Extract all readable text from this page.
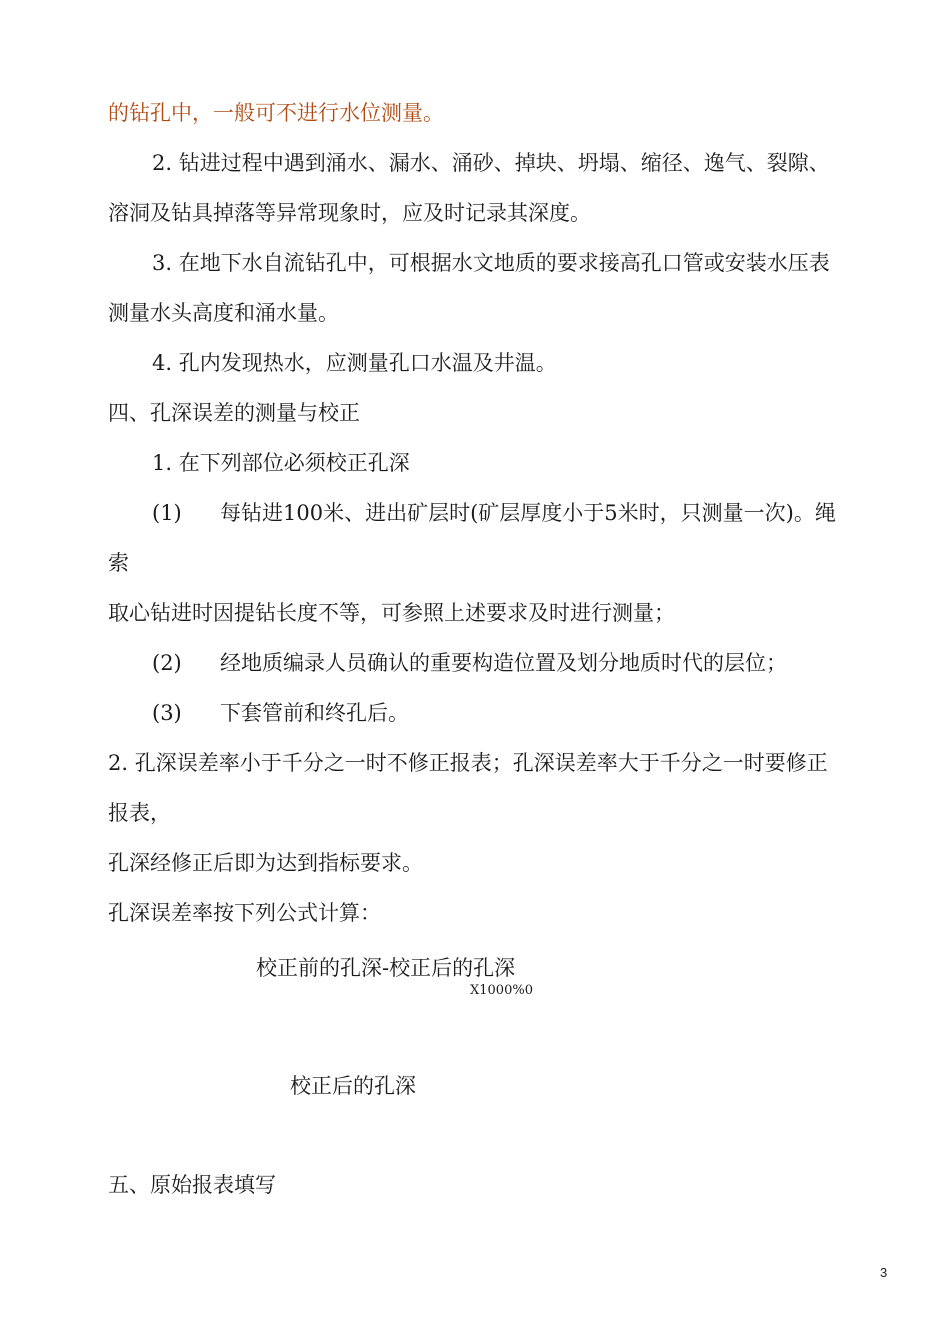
的钻孔中，一般可不进行水位测量。
2. 钻进过程中遇到涌水、漏水、涌砂、掉块、坍塌、缩径、逸气、裂隙、
溶洞及钻具掉落等异常现象时，应及时记录其深度。
3. 在地下水自流钻孔中，可根据水文地质的要求接高孔口管或安装水压表
测量水头高度和涌水量。
4. 孔内发现热水，应测量孔口水温及井温。
四、孔深误差的测量与校正
1. 在下列部位必须校正孔深
(1) 每钻进100米、进出矿层时(矿层厚度小于5米时，只测量一次)。绳
索
取心钻进时因提钻长度不等，可参照上述要求及时进行测量；
(2) 经地质编录人员确认的重要构造位置及划分地质时代的层位；
(3) 下套管前和终孔后。
2. 孔深误差率小于千分之一时不修正报表；孔深误差率大于千分之一时要修正
报表，
孔深经修正后即为达到指标要求。
孔深误差率按下列公式计算：
校正前的孔深-校正后的孔深
X1000%0
校正后的孔深
五、原始报表填写
3
